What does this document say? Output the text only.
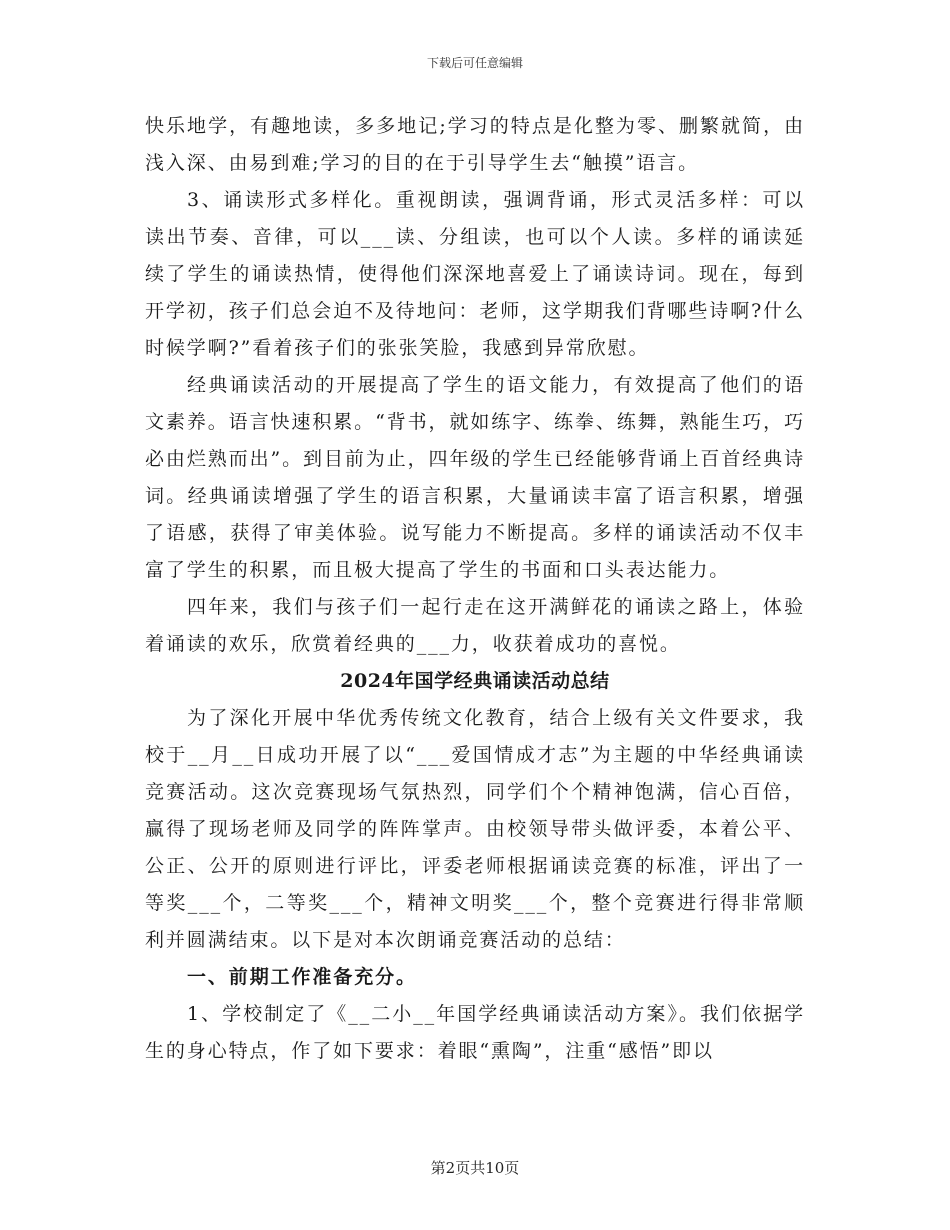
下载后可任意编辑

快乐地学，有趣地读，多多地记;学习的特点是化整为零、删繁就简，由浅入深、由易到难;学习的目的在于引导学生去“触摸”语言。

3、诵读形式多样化。重视朗读，强调背诵，形式灵活多样：可以读出节奏、音律，可以___读、分组读，也可以个人读。多样的诵读延续了学生的诵读热情，使得他们深深地喜爱上了诵读诗词。现在，每到开学初，孩子们总会迫不及待地问：老师，这学期我们背哪些诗啊?什么时候学啊?”看着孩子们的张张笑脸，我感到异常欣慰。

经典诵读活动的开展提高了学生的语文能力，有效提高了他们的语文素养。语言快速积累。“背书，就如练字、练拳、练舞，熟能生巧，巧必由烂熟而出”。到目前为止，四年级的学生已经能够背诵上百首经典诗词。经典诵读增强了学生的语言积累，大量诵读丰富了语言积累，增强了语感，获得了审美体验。说写能力不断提高。多样的诵读活动不仅丰富了学生的积累，而且极大提高了学生的书面和口头表达能力。

四年来，我们与孩子们一起行走在这开满鲜花的诵读之路上，体验着诵读的欢乐，欣赏着经典的___力，收获着成功的喜悦。

2024年国学经典诵读活动总结

为了深化开展中华优秀传统文化教育，结合上级有关文件要求，我校于__月__日成功开展了以“___爱国情成才志”为主题的中华经典诵读竞赛活动。这次竞赛现场气氛热烈，同学们个个精神饱满，信心百倍，赢得了现场老师及同学的阵阵掌声。由校领导带头做评委，本着公平、公正、公开的原则进行评比，评委老师根据诵读竞赛的标准，评出了一等奖___个，二等奖___个，精神文明奖___个，整个竞赛进行得非常顺利并圆满结束。以下是对本次朗诵竞赛活动的总结：

一、前期工作准备充分。

1、学校制定了《__二小__年国学经典诵读活动方案》。我们依据学生的身心特点，作了如下要求：着眼“熏陶”，注重“感悟”即以

第2页共10页
